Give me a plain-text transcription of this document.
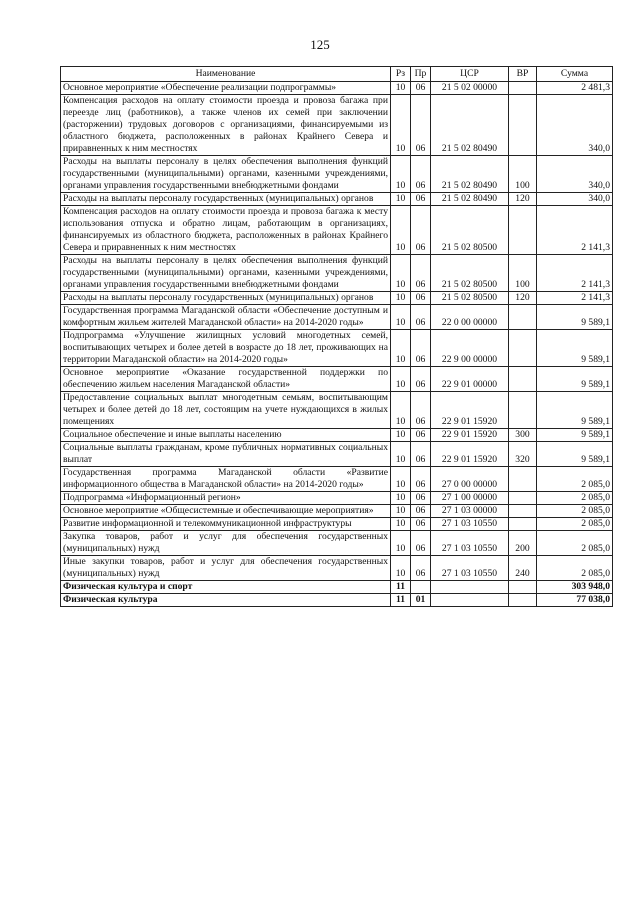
125
Наименование	Рз	Пр	ЦСР	ВР	Сумма
Основное мероприятие «Обеспечение реализации подпрограммы»	10	06	21 5 02 00000		2 481,3
Компенсация расходов на оплату стоимости проезда и провоза багажа при переезде лиц (работников), а также членов их семей при заключении (расторжении) трудовых договоров с организациями, финансируемыми из областного бюджета, расположенных в районах Крайнего Севера и приравненных к ним местностях	10	06	21 5 02 80490		340,0
Расходы на выплаты персоналу в целях обеспечения выполнения функций государственными (муниципальными) органами, казенными учреждениями, органами управления государственными внебюджетными фондами	10	06	21 5 02 80490	100	340,0
Расходы на выплаты персоналу государственных (муниципальных) органов	10	06	21 5 02 80490	120	340,0
Компенсация расходов на оплату стоимости проезда и провоза багажа к месту использования отпуска и обратно лицам, работающим в организациях, финансируемых из областного бюджета, расположенных в районах Крайнего Севера и приравненных к ним местностях	10	06	21 5 02 80500		2 141,3
Расходы на выплаты персоналу в целях обеспечения выполнения функций государственными (муниципальными) органами, казенными учреждениями, органами управления государственными внебюджетными фондами	10	06	21 5 02 80500	100	2 141,3
Расходы на выплаты персоналу государственных (муниципальных) органов	10	06	21 5 02 80500	120	2 141,3
Государственная программа Магаданской области «Обеспечение доступным и комфортным жильем жителей Магаданской области» на 2014-2020 годы»	10	06	22 0 00 00000		9 589,1
Подпрограмма «Улучшение жилищных условий многодетных семей, воспитывающих четырех и более детей в возрасте до 18 лет, проживающих на территории Магаданской области» на 2014-2020 годы»	10	06	22 9 00 00000		9 589,1
Основное мероприятие «Оказание государственной поддержки по обеспечению жильем населения Магаданской области»	10	06	22 9 01 00000		9 589,1
Предоставление социальных выплат многодетным семьям, воспитывающим четырех и более детей до 18 лет, состоящим на учете нуждающихся в жилых помещениях	10	06	22 9 01 15920		9 589,1
Социальное обеспечение и иные выплаты населению	10	06	22 9 01 15920	300	9 589,1
Социальные выплаты гражданам, кроме публичных нормативных социальных выплат	10	06	22 9 01 15920	320	9 589,1
Государственная программа Магаданской области «Развитие информационного общества в Магаданской области» на 2014-2020 годы»	10	06	27 0 00 00000		2 085,0
Подпрограмма «Информационный регион»	10	06	27 1 00 00000		2 085,0
Основное мероприятие «Общесистемные и обеспечивающие мероприятия»	10	06	27 1 03 00000		2 085,0
Развитие информационной и телекоммуникационной инфраструктуры	10	06	27 1 03 10550		2 085,0
Закупка товаров, работ и услуг для обеспечения государственных (муниципальных) нужд	10	06	27 1 03 10550	200	2 085,0
Иные закупки товаров, работ и услуг для обеспечения государственных (муниципальных) нужд	10	06	27 1 03 10550	240	2 085,0
Физическая культура и спорт	11				303 948,0
Физическая культура	11	01			77 038,0
